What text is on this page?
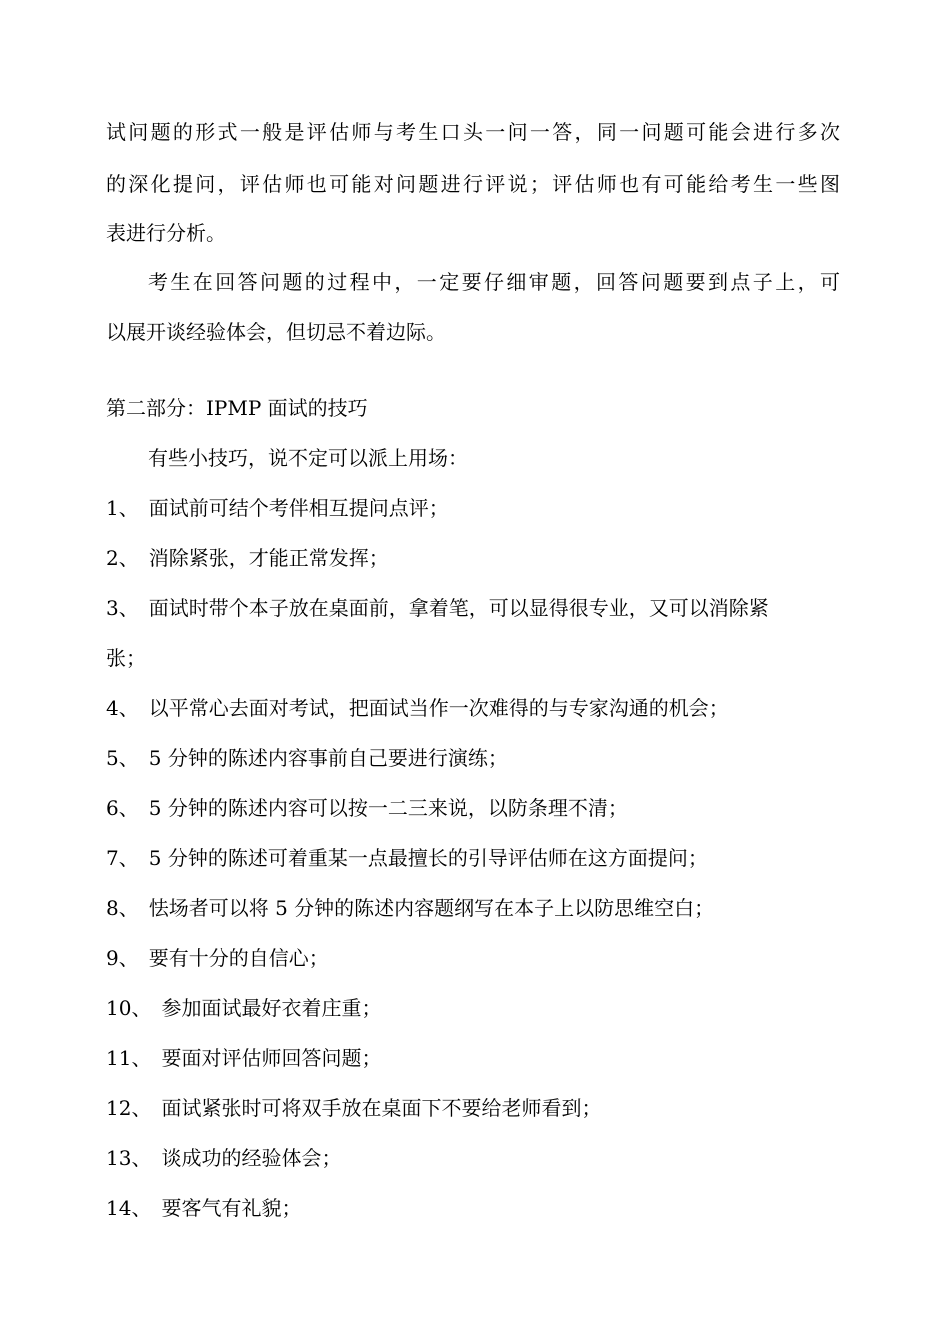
试问题的形式一般是评估师与考生口头一问一答，同一问题可能会进行多次
的深化提问，评估师也可能对问题进行评说；评估师也有可能给考生一些图
表进行分析。
考生在回答问题的过程中，一定要仔细审题，回答问题要到点子上，可
以展开谈经验体会，但切忌不着边际。
第二部分：IPMP 面试的技巧
有些小技巧，说不定可以派上用场：
1、 面试前可结个考伴相互提问点评；
2、 消除紧张，才能正常发挥；
3、 面试时带个本子放在桌面前，拿着笔，可以显得很专业，又可以消除紧
张；
4、 以平常心去面对考试，把面试当作一次难得的与专家沟通的机会；
5、 5 分钟的陈述内容事前自己要进行演练；
6、 5 分钟的陈述内容可以按一二三来说，以防条理不清；
7、 5 分钟的陈述可着重某一点最擅长的引导评估师在这方面提问；
8、 怯场者可以将 5 分钟的陈述内容题纲写在本子上以防思维空白；
9、 要有十分的自信心；
10、 参加面试最好衣着庄重；
11、 要面对评估师回答问题；
12、 面试紧张时可将双手放在桌面下不要给老师看到；
13、 谈成功的经验体会；
14、 要客气有礼貌；
